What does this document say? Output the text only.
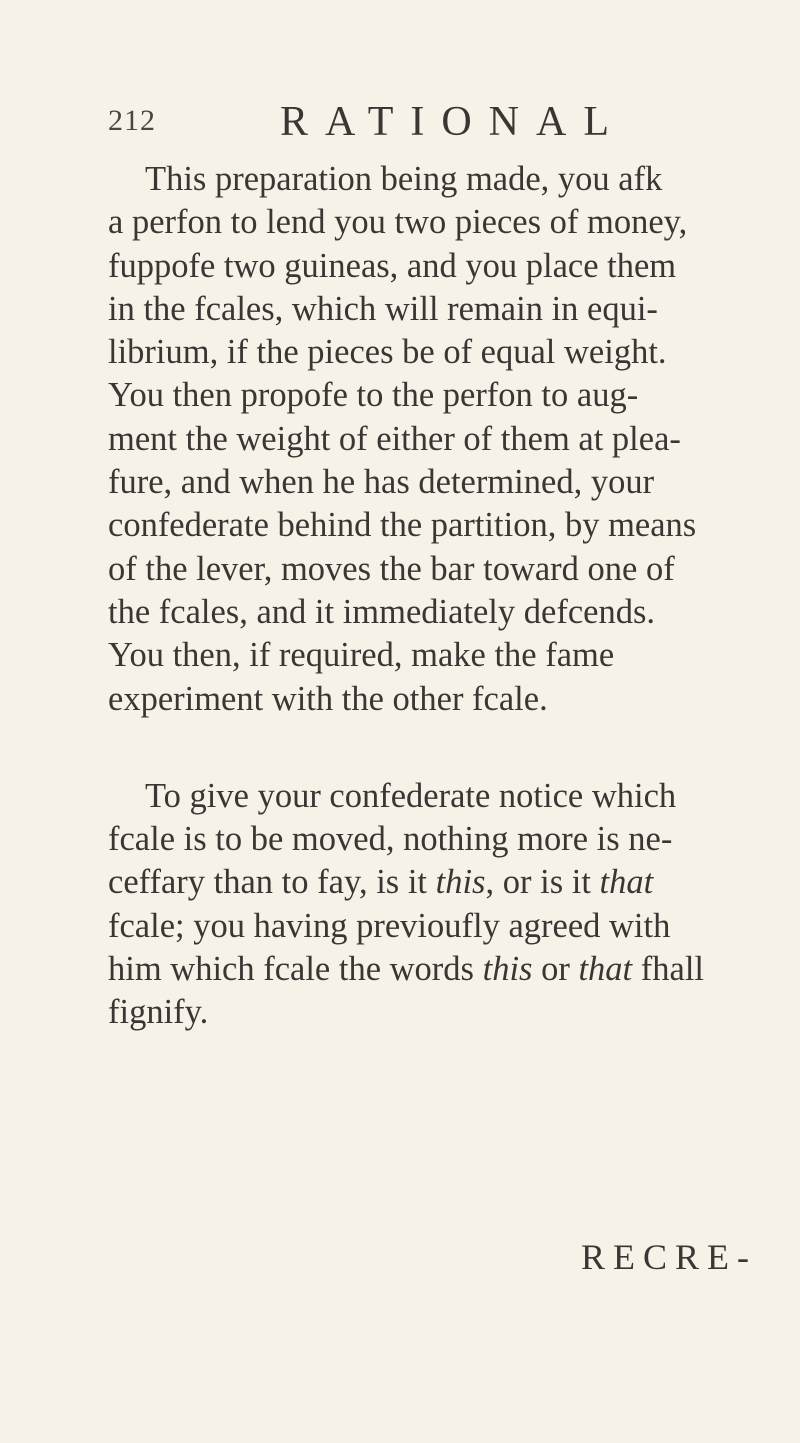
212	RATIONAL

This preparation being made, you afk

a perfon to lend you two pieces of money,

fuppofe two guineas, and you place them

in the fcales, which will remain in equi-

librium, if the pieces be of equal weight.

You then propofe to the perfon to aug-

ment the weight of either of them at plea-

fure, and when he has determined, your

confederate behind the partition, by means

of the lever, moves the bar toward one of

the fcales, and it immediately defcends.

You then, if required, make the fame

experiment with the other fcale.

To give your confederate notice which

fcale is to be moved, nothing more is ne-

ceffary than to fay, is it this, or is it that

fcale; you having previoufly agreed with

him which fcale the words this or that fhall

fignify.

RECRE-
